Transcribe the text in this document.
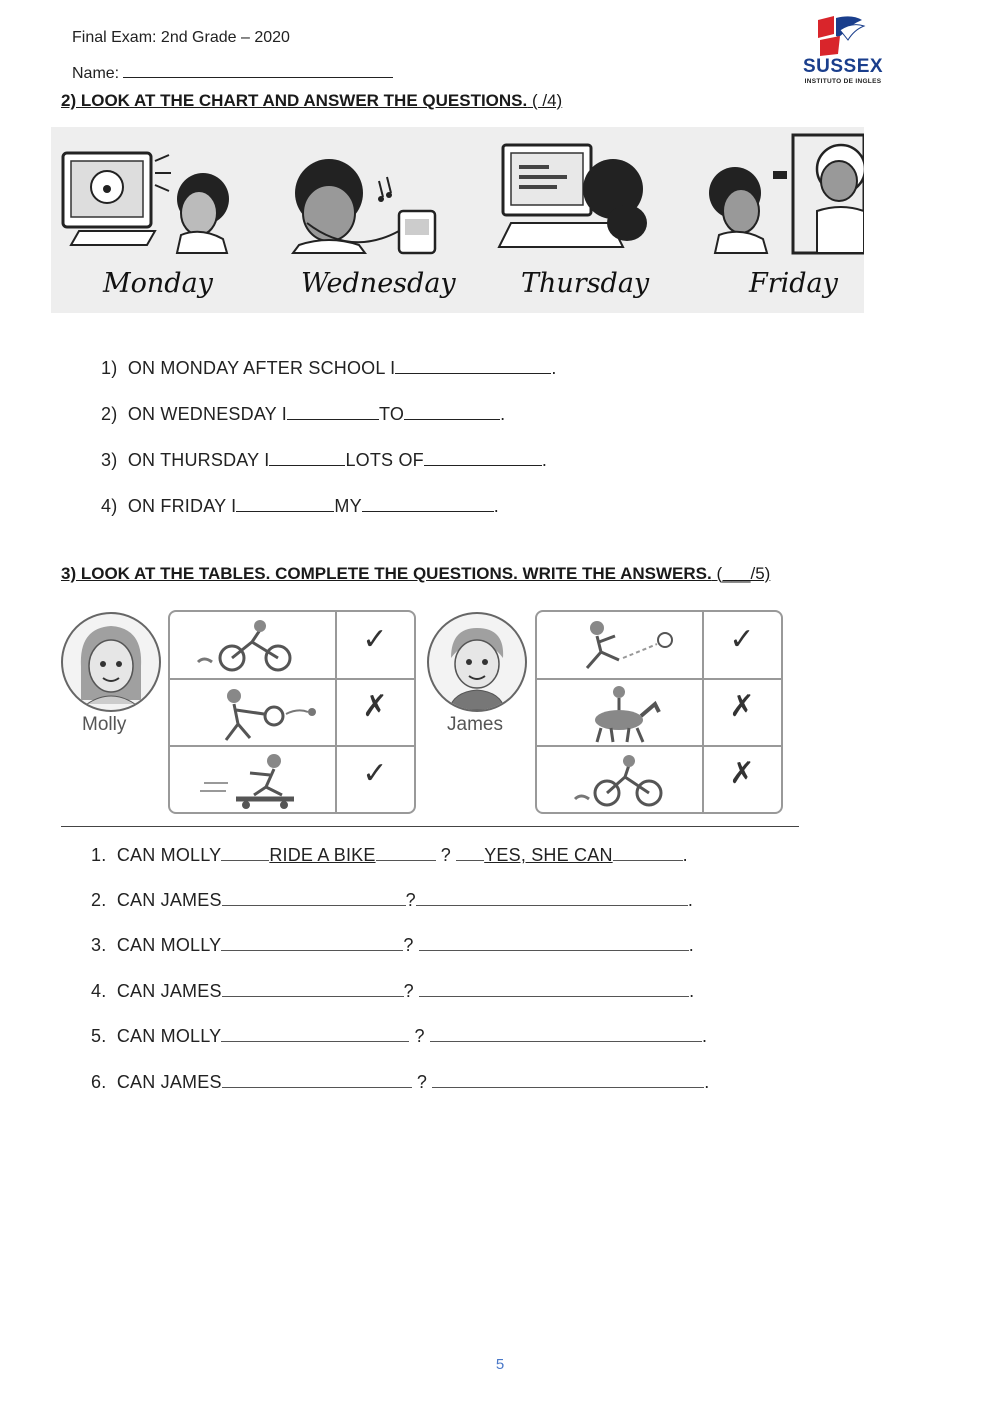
Final Exam: 2nd Grade – 2020
Name:	SUSSEX
INSTITUTO DE INGLES
2) LOOK AT THE CHART AND ANSWER THE QUESTIONS. ( /4)
Monday	Wednesday Thursday	Friday
1) ON MONDAY AFTER SCHOOL I	.
2) ON WEDNESDAY I	TO	.
3) ON THURSDAY I	LOTS OF	.
4) ON FRIDAY I	MY	.
3) LOOK AT THE TABLES. COMPLETE THE QUESTIONS. WRITE THE ANSWERS. (___/5)
Molly
✓
✗
✓
James
✓
✗
✗
1. CAN MOLLY	RIDE A BIKE	? YES, SHE CAN	.
2. CAN JAMES	?	.
3. CAN MOLLY	?	.
4. CAN JAMES	?	.
5. CAN MOLLY	?	.
6. CAN JAMES	?	.
5
